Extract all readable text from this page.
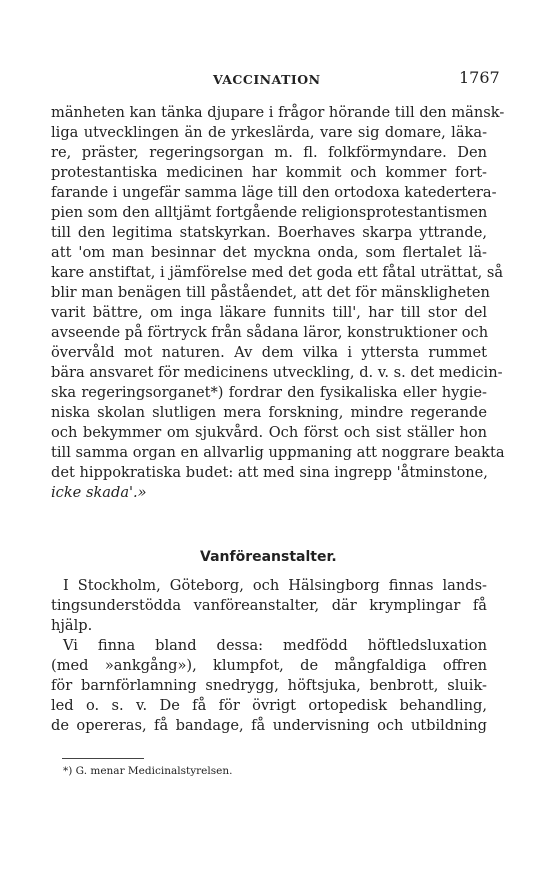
VACCINATION	1767
mänheten kan tänka djupare i frågor hörande till den mänsk-
liga utvecklingen än de yrkeslärda, vare sig domare, läka-
re, präster, regeringsorgan m. fl. folkförmyndare. Den
protestantiska medicinen har kommit och kommer fort-
farande i ungefär samma läge till den ortodoxa katederterа-
pien som den alltjämt fortgående religionsprotestantismen
till den legitima statskyrkan. Boerhaves skarpa yttrande,
att 'om man besinnar det myckna onda, som flertalet lä-
kare anstiftat, i jämförelse med det goda ett fåtal uträttat, så
blir man benägen till påståendet, att det för mänskligheten
varit bättre, om inga läkare funnits till', har till stor del
avseende på förtryck från sådana läror, konstruktioner och
övervåld mot naturen. Av dem vilka i yttersta rummet
bära ansvaret för medicinens utveckling, d. v. s. det medicin-
ska regeringsorganet*) fordrar den fysikaliska eller hygie-
niska skolan slutligen mera forskning, mindre regerande
och bekymmer om sjukvård. Och först och sist ställer hon
till samma organ en allvarlig uppmaning att noggrare beakta
det hippokratiska budet: att med sina ingrepp 'åtminstone,
icke skada'.»
Vanföreanstalter.
I Stockholm, Göteborg, och Hälsingborg finnas lands-
tingsunderstödda vanföreanstalter, där krymplingar få
hjälp.
Vi finna bland dessa: medfödd höftledsluxation
(med »ankgång»), klumpfot, de mångfaldiga offren
för barnförlamning snedrygg, höftsjuka, benbrott, sluik-
led o. s. v. De få för övrigt ortopedisk behandling,
de opereras, få bandage, få undervisning och utbildning
*) G. menar Medicinalstyrelsen.
